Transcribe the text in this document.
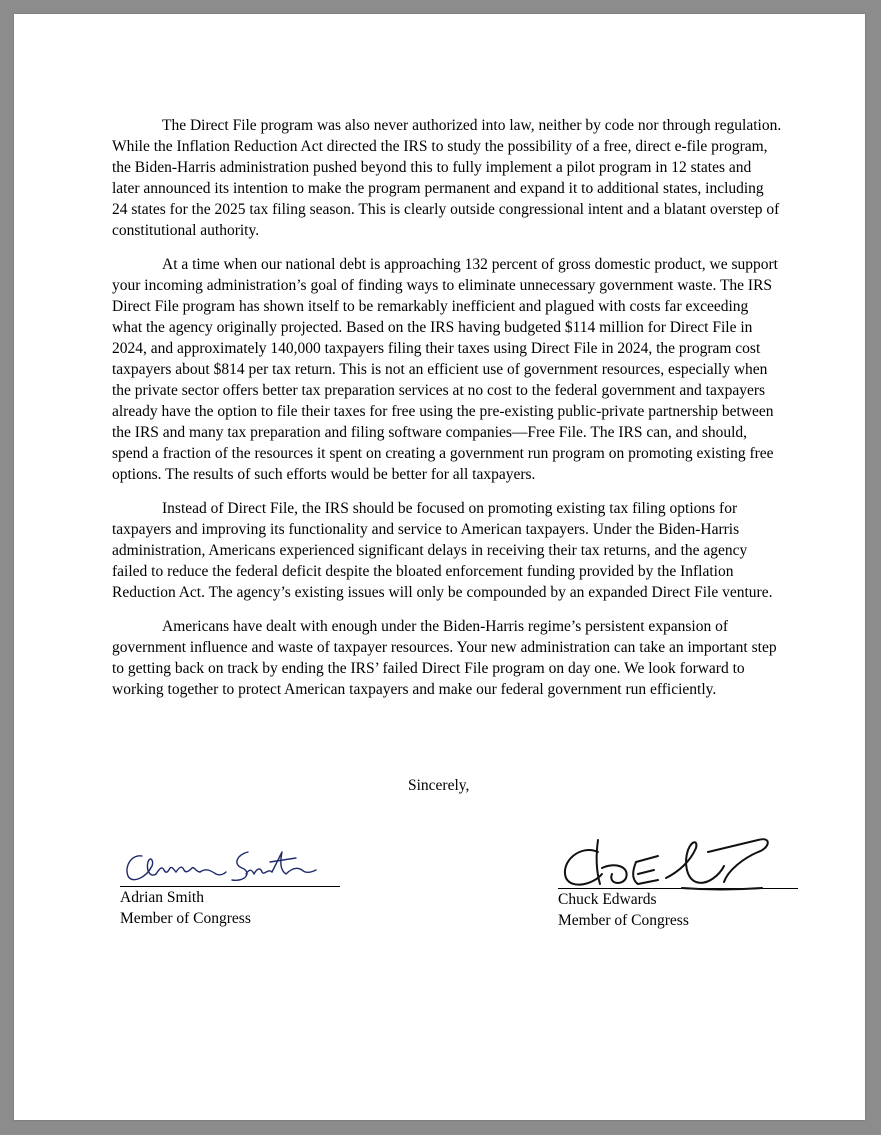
The Direct File program was also never authorized into law, neither by code nor through regulation. While the Inflation Reduction Act directed the IRS to study the possibility of a free, direct e-file program, the Biden-Harris administration pushed beyond this to fully implement a pilot program in 12 states and later announced its intention to make the program permanent and expand it to additional states, including 24 states for the 2025 tax filing season. This is clearly outside congressional intent and a blatant overstep of constitutional authority.

At a time when our national debt is approaching 132 percent of gross domestic product, we support your incoming administration’s goal of finding ways to eliminate unnecessary government waste. The IRS Direct File program has shown itself to be remarkably inefficient and plagued with costs far exceeding what the agency originally projected. Based on the IRS having budgeted $114 million for Direct File in 2024, and approximately 140,000 taxpayers filing their taxes using Direct File in 2024, the program cost taxpayers about $814 per tax return. This is not an efficient use of government resources, especially when the private sector offers better tax preparation services at no cost to the federal government and taxpayers already have the option to file their taxes for free using the pre-existing public-private partnership between the IRS and many tax preparation and filing software companies—Free File. The IRS can, and should, spend a fraction of the resources it spent on creating a government run program on promoting existing free options. The results of such efforts would be better for all taxpayers.

Instead of Direct File, the IRS should be focused on promoting existing tax filing options for taxpayers and improving its functionality and service to American taxpayers. Under the Biden-Harris administration, Americans experienced significant delays in receiving their tax returns, and the agency failed to reduce the federal deficit despite the bloated enforcement funding provided by the Inflation Reduction Act. The agency’s existing issues will only be compounded by an expanded Direct File venture.

Americans have dealt with enough under the Biden-Harris regime’s persistent expansion of government influence and waste of taxpayer resources. Your new administration can take an important step to getting back on track by ending the IRS’ failed Direct File program on day one. We look forward to working together to protect American taxpayers and make our federal government run efficiently.

Sincerely,

Adrian Smith

Member of Congress

Chuck Edwards

Member of Congress
